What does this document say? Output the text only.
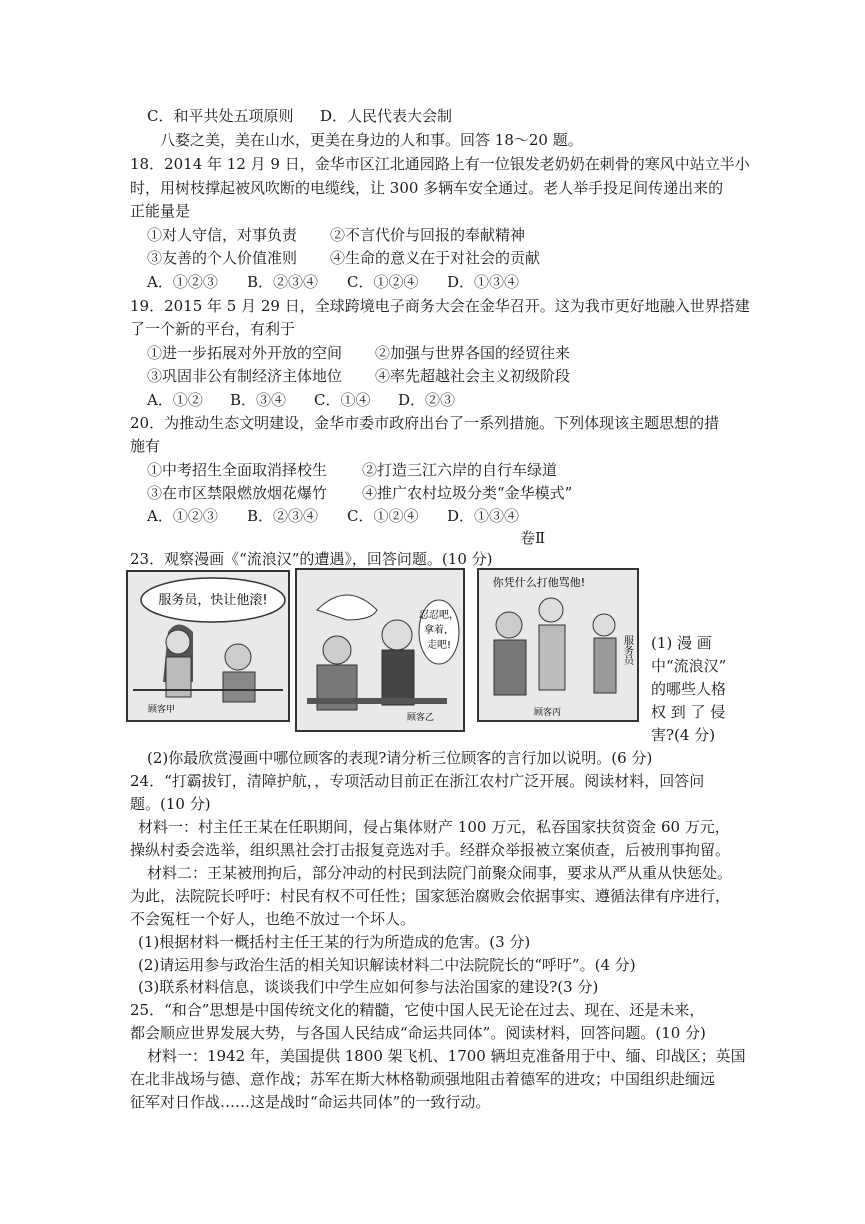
C．和平共处五项原则 D．人民代表大会制
八婺之美，美在山水，更美在身边的人和事。回答 18～20 题。
18．2014 年 12 月 9 日，金华市区江北通园路上有一位银发老奶奶在刺骨的寒风中站立半小
时，用树枝撑起被风吹断的电缆线，让 300 多辆车安全通过。老人举手投足间传递出来的
正能量是
①对人守信，对事负责 ②不言代价与回报的奉献精神
③友善的个人价值准则 ④生命的意义在于对社会的贡献
A．①②③ B．②③④ C．①②④ D．①③④
19．2015 年 5 月 29 日，全球跨境电子商务大会在金华召开。这为我市更好地融入世界搭建
了一个新的平台，有利于
①进一步拓展对外开放的空间 ②加强与世界各国的经贸往来
③巩固非公有制经济主体地位 ④率先超越社会主义初级阶段
A．①② B．③④ C．①④ D．②③
20．为推动生态文明建设，金华市委市政府出台了一系列措施。下列体现该主题思想的措
施有
①中考招生全面取消择校生 ②打造三江六岸的自行车绿道
③在市区禁限燃放烟花爆竹 ④推广农村垃圾分类“金华模式”
A．①②③ B．②③④ C．①②④ D．①③④
卷Ⅱ
23．观察漫画《“流浪汉”的遭遇》，回答问题。(10 分)
服务员，快让他滚!
顾客甲
忍忍吧，
拿着，
走吧!
顾客乙
你凭什么打他骂他!
服务员
顾客丙
(1) 漫 画
中“流浪汉”
的哪些人格
权 到 了 侵
害?(4 分)
(2)你最欣赏漫画中哪位顾客的表现?请分析三位顾客的言行加以说明。(6 分)
24．“打霸拔钉，清障护航，，专项活动目前正在浙江农村广泛开展。阅读材料，回答问
题。(10 分)
材料一：村主任王某在任职期间，侵占集体财产 100 万元，私吞国家扶贫资金 60 万元，
操纵村委会选举，组织黑社会打击报复竞选对手。经群众举报被立案侦查，后被刑事拘留。
材料二：王某被刑拘后，部分冲动的村民到法院门前聚众闹事，要求从严从重从快惩处。
为此，法院院长呼吁：村民有权不可任性；国家惩治腐败会依据事实、遵循法律有序进行，
不会冤枉一个好人，也绝不放过一个坏人。
(1)根据材料一概括村主任王某的行为所造成的危害。(3 分)
(2)请运用参与政治生活的相关知识解读材料二中法院院长的“呼吁”。(4 分)
(3)联系材料信息，谈谈我们中学生应如何参与法治国家的建设?(3 分)
25．“和合”思想是中国传统文化的精髓，它使中国人民无论在过去、现在、还是未来，
都会顺应世界发展大势，与各国人民结成“命运共同体”。阅读材料，回答问题。(10 分)
材料一：1942 年，美国提供 1800 架飞机、1700 辆坦克准备用于中、缅、印战区；英国
在北非战场与德、意作战；苏军在斯大林格勒顽强地阻击着德军的进攻；中国组织赴缅远
征军对日作战……这是战时“命运共同体”的一致行动。
